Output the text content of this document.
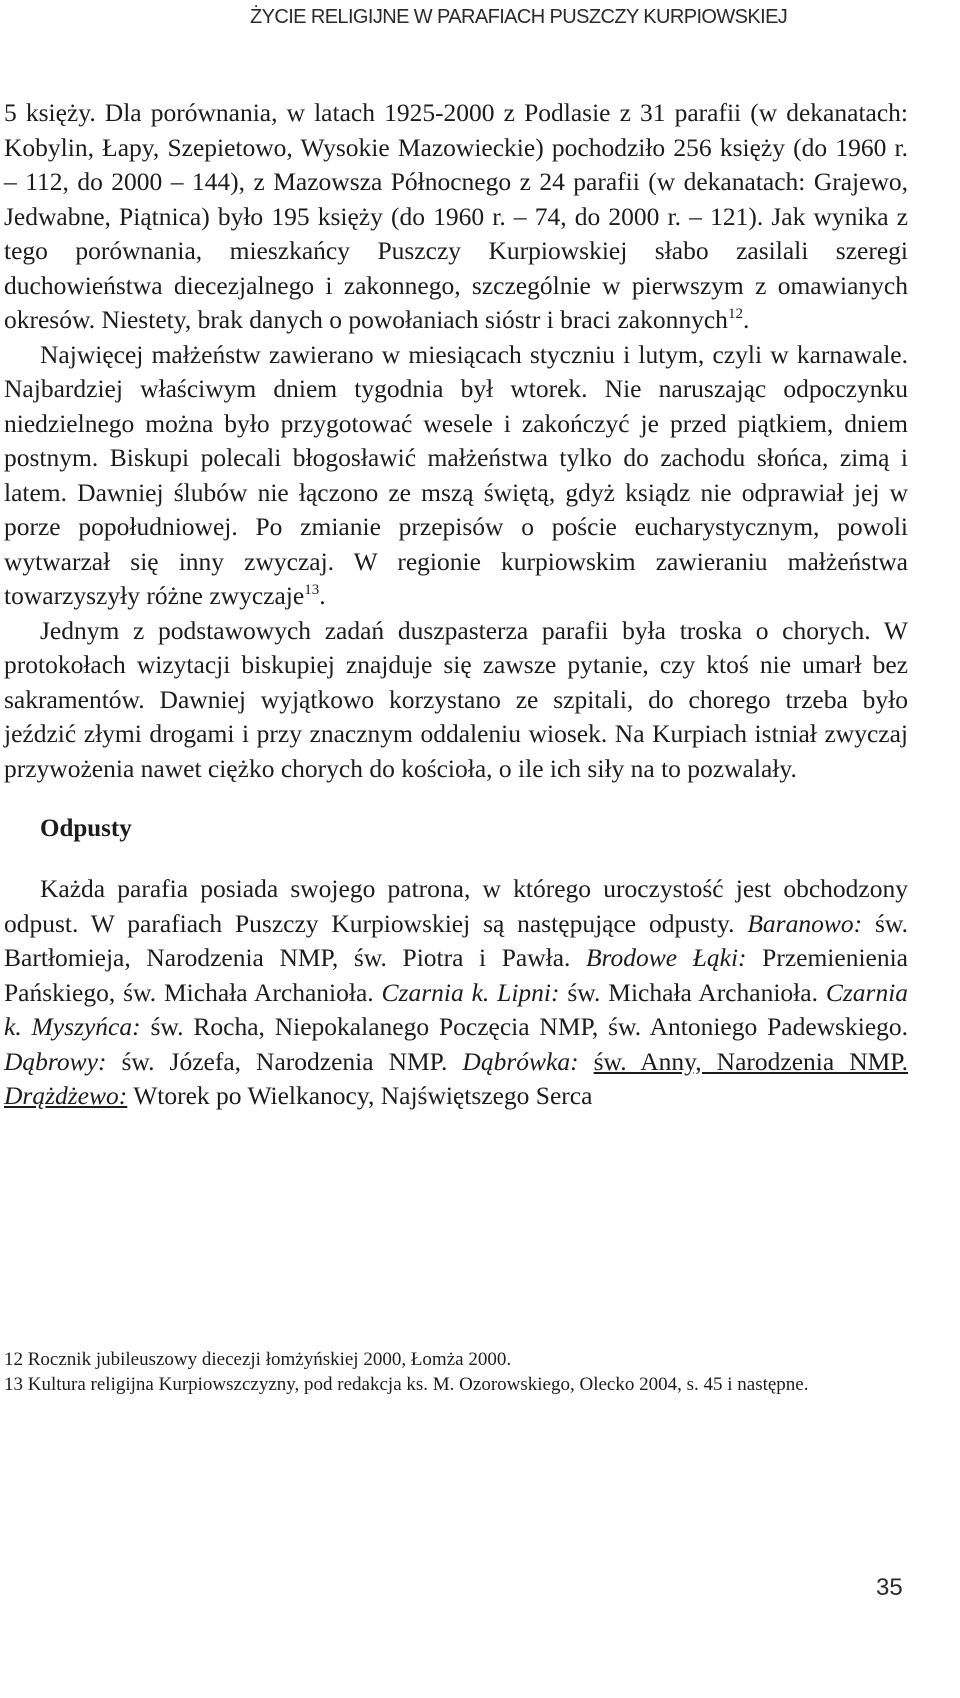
ŻYCIE RELIGIJNE W PARAFIACH PUSZCZY KURPIOWSKIEJ

5 księży. Dla porównania, w latach 1925-2000 z Podlasie z 31 parafii (w dekanatach: Kobylin, Łapy, Szepietowo, Wysokie Mazowieckie) pochodziło 256 księży (do 1960 r. – 112, do 2000 – 144), z Mazowsza Północnego z 24 parafii (w dekanatach: Grajewo, Jedwabne, Piątnica) było 195 księży (do 1960 r. – 74, do 2000 r. – 121). Jak wynika z tego porównania, mieszkańcy Puszczy Kurpiowskiej słabo zasilali szeregi duchowieństwa diecezjalnego i zakonnego, szczególnie w pierwszym z omawianych okresów. Niestety, brak danych o powołaniach sióstr i braci zakonnych$^{12}$.

Najwięcej małżeństw zawierano w miesiącach styczniu i lutym, czyli w karnawale. Najbardziej właściwym dniem tygodnia był wtorek. Nie naruszając odpoczynku niedzielnego można było przygotować wesele i zakończyć je przed piątkiem, dniem postnym. Biskupi polecali błogosławić małżeństwa tylko do zachodu słońca, zimą i latem. Dawniej ślubów nie łączono ze mszą świętą, gdyż ksiądz nie odprawiał jej w porze popołudniowej. Po zmianie przepisów o poście eucharystycznym, powoli wytwarzał się inny zwyczaj. W regionie kurpiowskim zawieraniu małżeństwa towarzyszyły różne zwyczaje$^{13}$.

Jednym z podstawowych zadań duszpasterza parafii była troska o chorych. W protokołach wizytacji biskupiej znajduje się zawsze pytanie, czy ktoś nie umarł bez sakramentów. Dawniej wyjątkowo korzystano ze szpitali, do chorego trzeba było jeździć złymi drogami i przy znacznym oddaleniu wiosek. Na Kurpiach istniał zwyczaj przywożenia nawet ciężko chorych do kościoła, o ile ich siły na to pozwalały.

Odpusty

Każda parafia posiada swojego patrona, w którego uroczystość jest obchodzony odpust. W parafiach Puszczy Kurpiowskiej są następujące odpusty. Baranowo: św. Bartłomieja, Narodzenia NMP, św. Piotra i Pawła. Brodowe Łąki: Przemienienia Pańskiego, św. Michała Archanioła. Czarnia k. Lipni: św. Michała Archanioła. Czarnia k. Myszyńca: św. Rocha, Niepokalanego Poczęcia NMP, św. Antoniego Padewskiego. Dąbrowy: św. Józefa, Narodzenia NMP. Dąbrówka: św. Anny, Narodzenia NMP. Drążdżewo: Wtorek po Wielkanocy, Najświętszego Serca

12 Rocznik jubileuszowy diecezji łomżyńskiej 2000, Łomża 2000.

13 Kultura religijna Kurpiowszczyzny, pod redakcja ks. M. Ozorowskiego, Olecko 2004, s. 45 i następne.

35
